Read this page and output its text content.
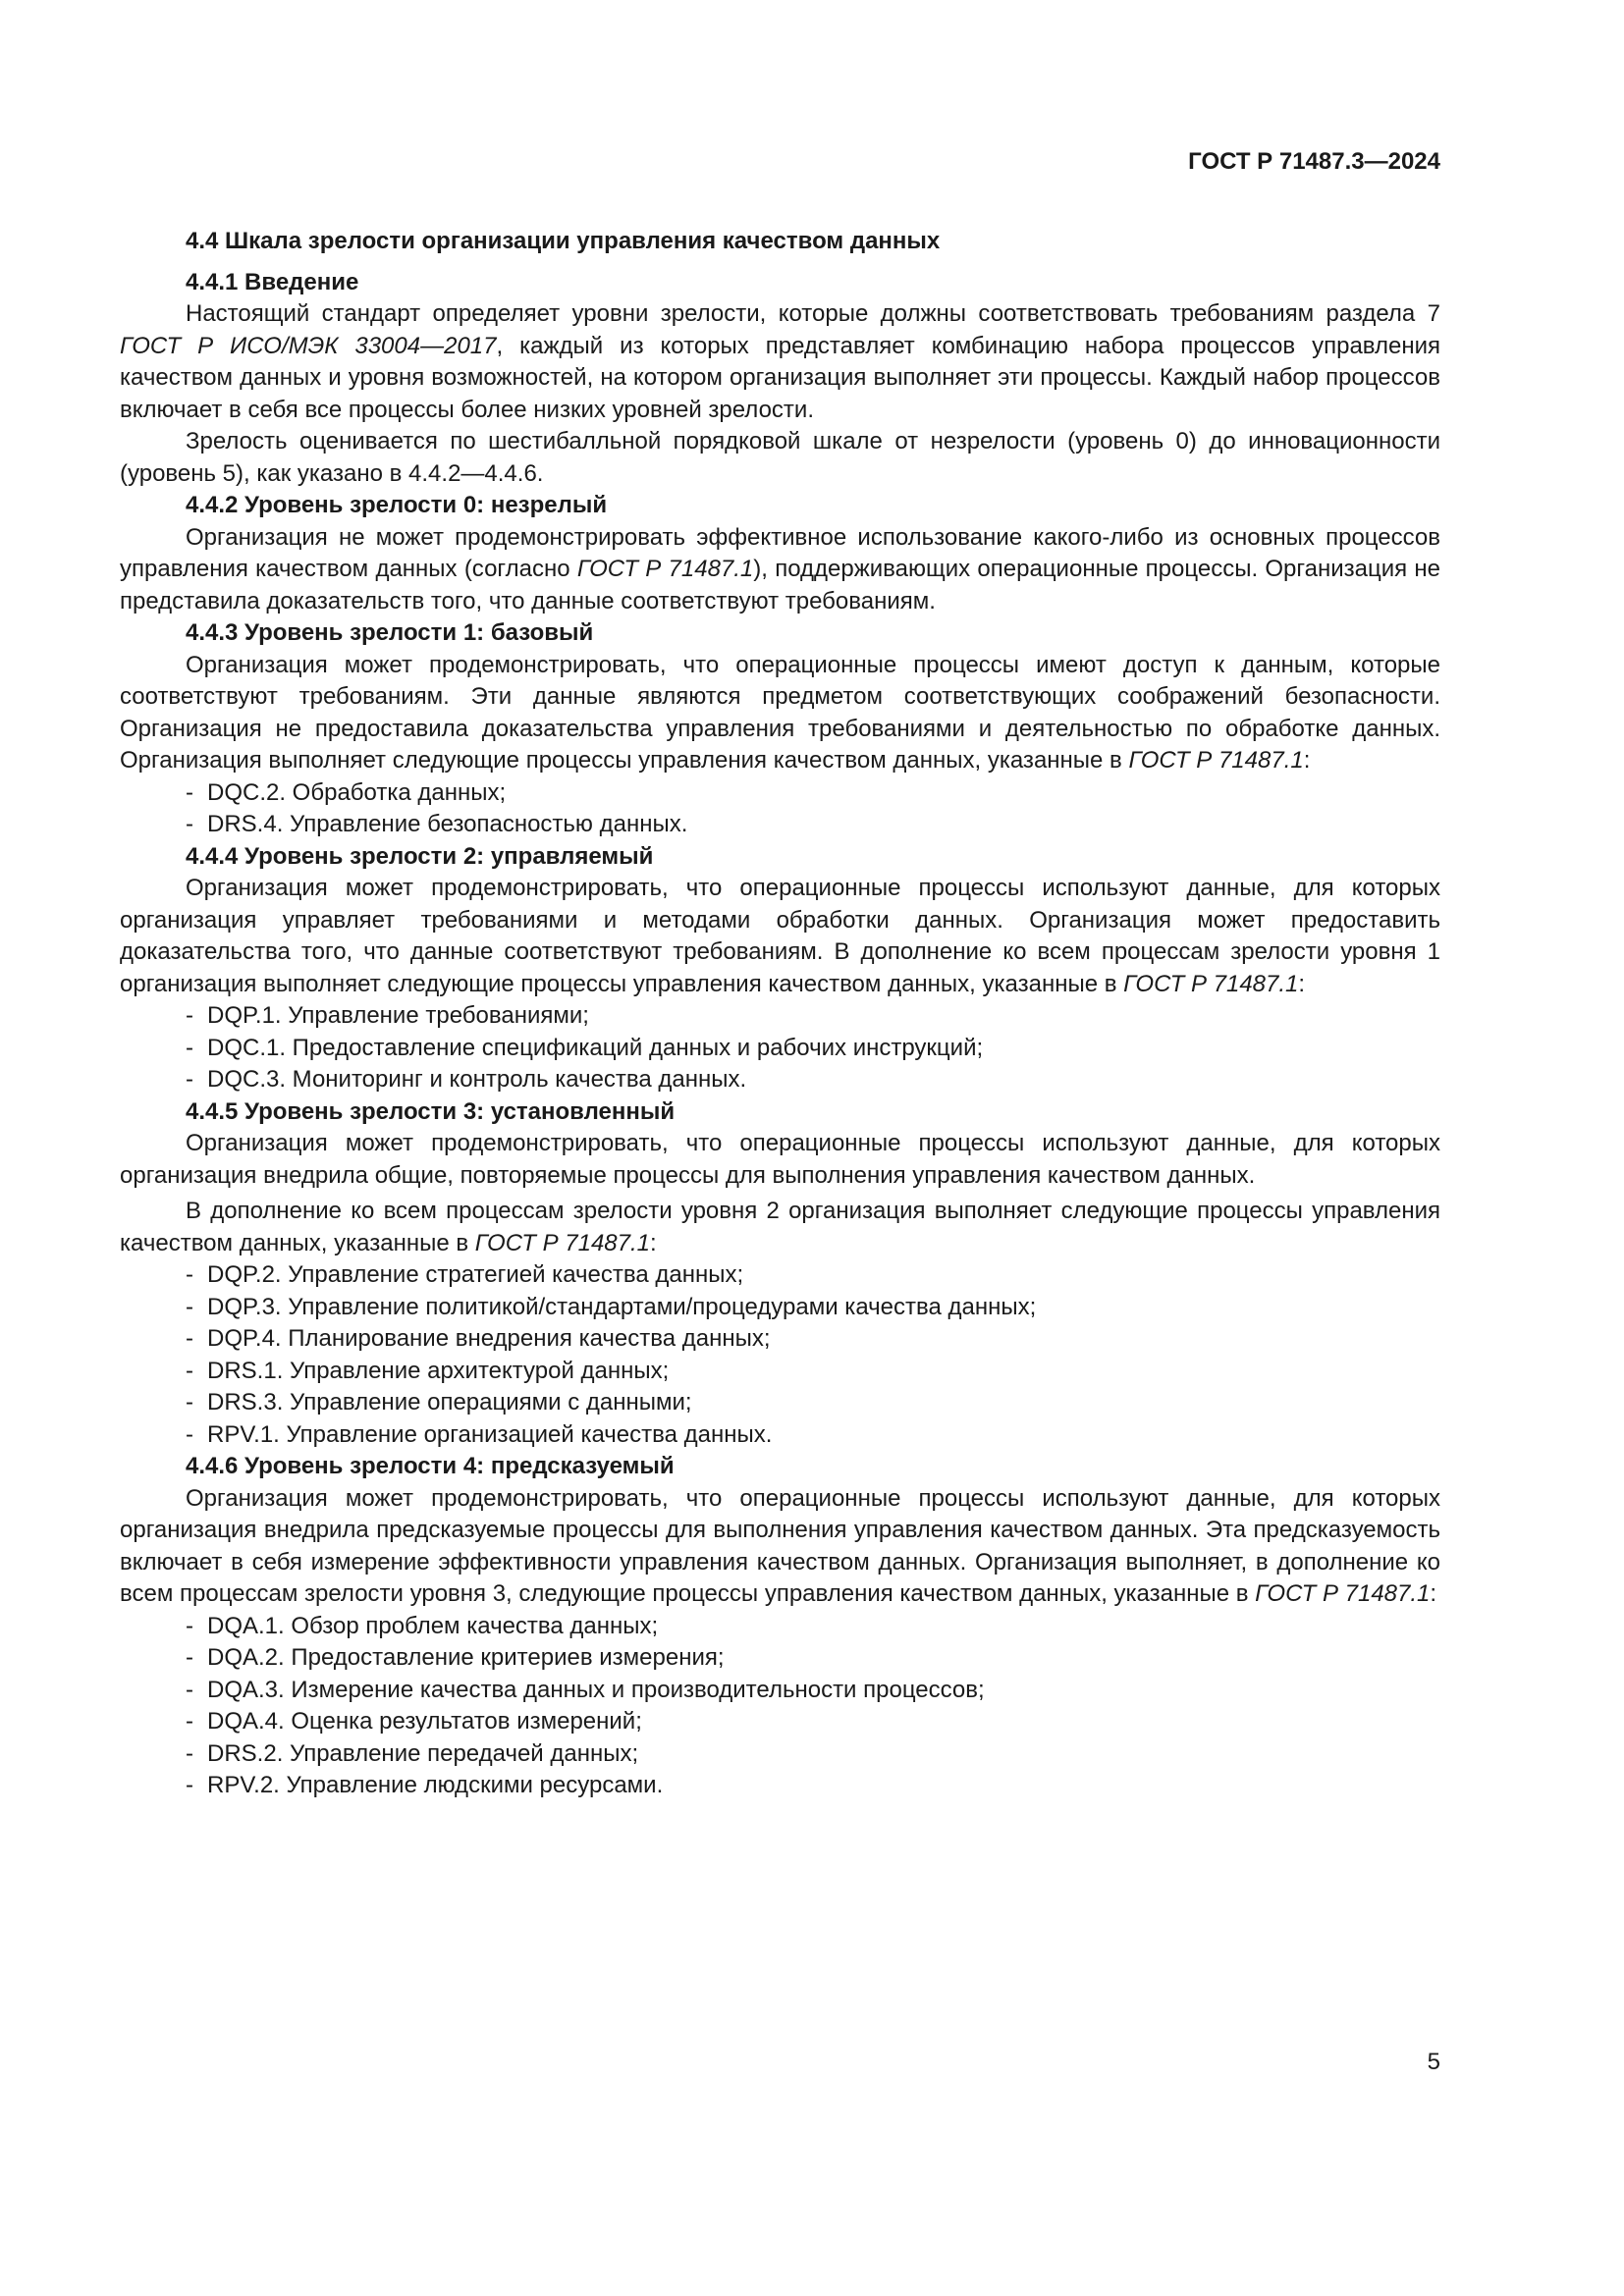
ГОСТ Р 71487.3—2024

4.4 Шкала зрелости организации управления качеством данных

4.4.1 Введение

Настоящий стандарт определяет уровни зрелости, которые должны соответствовать требованиям раздела 7 ГОСТ Р ИСО/МЭК 33004—2017, каждый из которых представляет комбинацию набора процессов управления качеством данных и уровня возможностей, на котором организация выполняет эти процессы. Каждый набор процессов включает в себя все процессы более низких уровней зрелости.

Зрелость оценивается по шестибалльной порядковой шкале от незрелости (уровень 0) до инновационности (уровень 5), как указано в 4.4.2—4.4.6.

4.4.2 Уровень зрелости 0: незрелый

Организация не может продемонстрировать эффективное использование какого-либо из основных процессов управления качеством данных (согласно ГОСТ Р 71487.1), поддерживающих операционные процессы. Организация не представила доказательств того, что данные соответствуют требованиям.

4.4.3 Уровень зрелости 1: базовый

Организация может продемонстрировать, что операционные процессы имеют доступ к данным, которые соответствуют требованиям. Эти данные являются предметом соответствующих соображений безопасности. Организация не предоставила доказательства управления требованиями и деятельностью по обработке данных. Организация выполняет следующие процессы управления качеством данных, указанные в ГОСТ Р 71487.1:

- DQC.2. Обработка данных;
- DRS.4. Управление безопасностью данных.

4.4.4 Уровень зрелости 2: управляемый

Организация может продемонстрировать, что операционные процессы используют данные, для которых организация управляет требованиями и методами обработки данных. Организация может предоставить доказательства того, что данные соответствуют требованиям. В дополнение ко всем процессам зрелости уровня 1 организация выполняет следующие процессы управления качеством данных, указанные в ГОСТ Р 71487.1:

- DQP.1. Управление требованиями;
- DQC.1. Предоставление спецификаций данных и рабочих инструкций;
- DQC.3. Мониторинг и контроль качества данных.

4.4.5 Уровень зрелости 3: установленный

Организация может продемонстрировать, что операционные процессы используют данные, для которых организация внедрила общие, повторяемые процессы для выполнения управления качеством данных.

В дополнение ко всем процессам зрелости уровня 2 организация выполняет следующие процессы управления качеством данных, указанные в ГОСТ Р 71487.1:

- DQP.2. Управление стратегией качества данных;
- DQP.3. Управление политикой/стандартами/процедурами качества данных;
- DQP.4. Планирование внедрения качества данных;
- DRS.1. Управление архитектурой данных;
- DRS.3. Управление операциями с данными;
- RPV.1. Управление организацией качества данных.

4.4.6 Уровень зрелости 4: предсказуемый

Организация может продемонстрировать, что операционные процессы используют данные, для которых организация внедрила предсказуемые процессы для выполнения управления качеством данных. Эта предсказуемость включает в себя измерение эффективности управления качеством данных. Организация выполняет, в дополнение ко всем процессам зрелости уровня 3, следующие процессы управления качеством данных, указанные в ГОСТ Р 71487.1:

- DQA.1. Обзор проблем качества данных;
- DQA.2. Предоставление критериев измерения;
- DQA.3. Измерение качества данных и производительности процессов;
- DQA.4. Оценка результатов измерений;
- DRS.2. Управление передачей данных;
- RPV.2. Управление людскими ресурсами.
5
